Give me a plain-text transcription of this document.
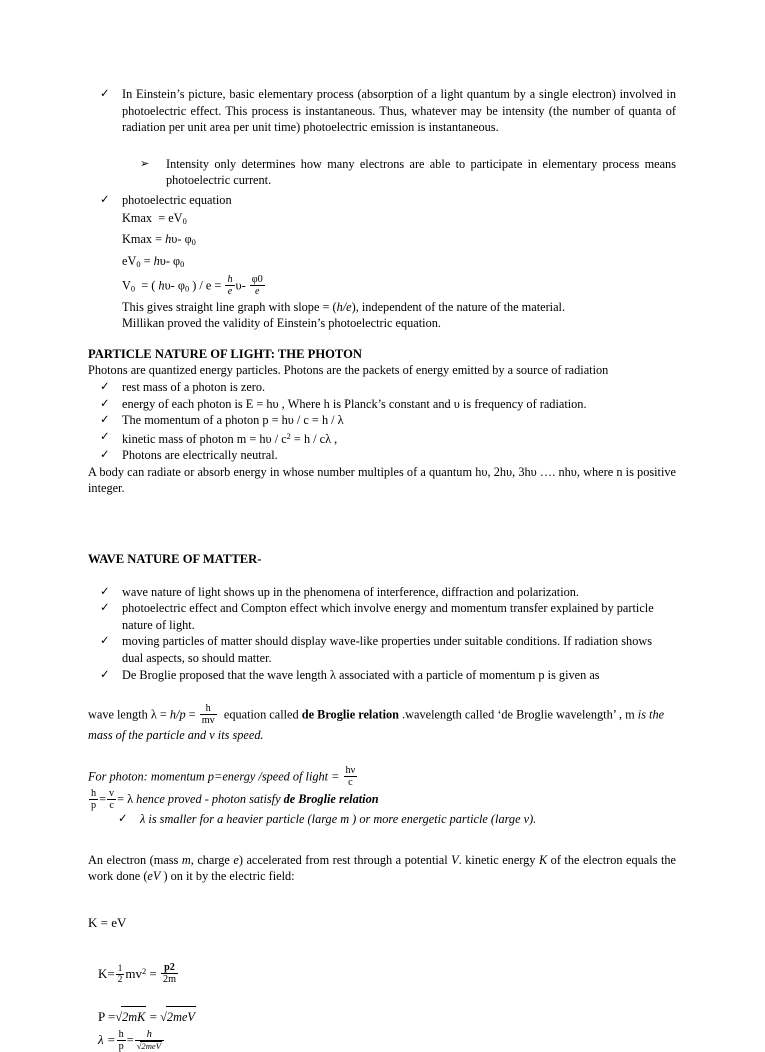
✓ In Einstein’s picture, basic elementary process (absorption of a light quantum by a single electron) involved in photoelectric effect. This process is instantaneous. Thus, whatever may be intensity (the number of quanta of radiation per unit area per unit time) photoelectric emission is instantaneous.
➢ Intensity only determines how many electrons are able to participate in elementary process means photoelectric current.
✓ photoelectric equation
$Kmax = eV_0$
Kmax = hυ- $\varphi_0$
$eV_0 = h\upsilon-$ $\varphi_0$
$V_0$ = ( hυ- $\varphi_0$ ) / $e = \frac{h}{e} \upsilon- \frac{\varphi 0}{e}$
This gives straight line graph with slope = (h/e), independent of the nature of the material.
Millikan proved the validity of Einstein’s photoelectric equation.
PARTICLE NATURE OF LIGHT: THE PHOTON
Photons are quantized energy particles. Photons are the packets of energy emitted by a source of radiation
✓ rest mass of a photon is zero.
✓ energy of each photon is E = hυ , Where h is Planck’s constant and υ is frequency of radiation.
✓ The momentum of a photon p = hυ / c = h / λ
✓ kinetic mass of photon $m = h\upsilon / c^2 = h / c\lambda$ ,
✓ Photons are electrically neutral.
A body can radiate or absorb energy in whose number multiples of a quantum hυ, 2hυ, 3hυ …. nhυ, where n is positive integer.
WAVE NATURE OF MATTER-
✓ wave nature of light shows up in the phenomena of interference, diffraction and polarization.
✓ photoelectric effect and Compton effect which involve energy and momentum transfer explained by particle nature of light.
✓ moving particles of matter should display wave-like properties under suitable conditions. If radiation shows dual aspects, so should matter.
✓ De Broglie proposed that the wave length λ associated with a particle of momentum p is given as
wave length $\lambda = h/p = \frac{h}{mv}$ equation called de Broglie relation .wavelength called ‘de Broglie wavelength’ , m is the mass of the particle and ν its speed.
For photon: momentum p=energy /speed of light = $\frac{h\nu}{c}$
$\frac{h}{p} = \frac{v}{c} = \lambda$ hence proved - photon satisfy de Broglie relation
✓ λ is smaller for a heavier particle (large m ) or more energetic particle (large v).
An electron (mass m, charge e) accelerated from rest through a potential V. kinetic energy K of the electron equals the work done (eV ) on it by the electric field:
K = eV
$K= \frac{1}{2} mv^2 = \frac{p2}{2m}$
P =√2mK = √2meV
$\lambda = \frac{h}{p} = \frac{h}{\text{√2meV}}$
